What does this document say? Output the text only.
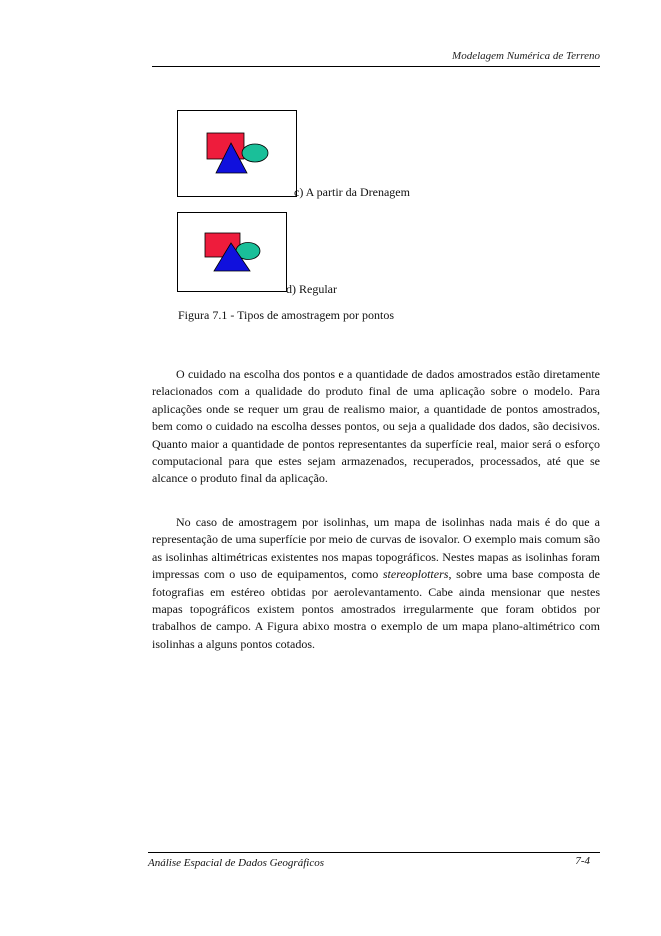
Modelagem Numérica de Terreno
c) A partir da Drenagem
d) Regular
Figura 7.1 - Tipos de amostragem por pontos

O cuidado na escolha dos pontos e a quantidade de dados amostrados estão diretamente relacionados com a qualidade do produto final de uma aplicação sobre o modelo. Para aplicações onde se requer um grau de realismo maior, a quantidade de pontos amostrados, bem como o cuidado na escolha desses pontos, ou seja a qualidade dos dados, são decisivos. Quanto maior a quantidade de pontos representantes da superfície real, maior será o esforço computacional para que estes sejam armazenados, recuperados, processados, até que se alcance o produto final da aplicação.

No caso de amostragem por isolinhas, um mapa de isolinhas nada mais é do que a representação de uma superfície por meio de curvas de isovalor. O exemplo mais comum são as isolinhas altimétricas existentes nos mapas topográficos. Nestes mapas as isolinhas foram impressas com o uso de equipamentos, como stereoplotters, sobre uma base composta de fotografias em estéreo obtidas por aerolevantamento. Cabe ainda mensionar que nestes mapas topográficos existem pontos amostrados irregularmente que foram obtidos por trabalhos de campo. A Figura abixo mostra o exemplo de um mapa plano-altimétrico com isolinhas a alguns pontos cotados.

Análise Espacial de Dados Geográficos	7-4
